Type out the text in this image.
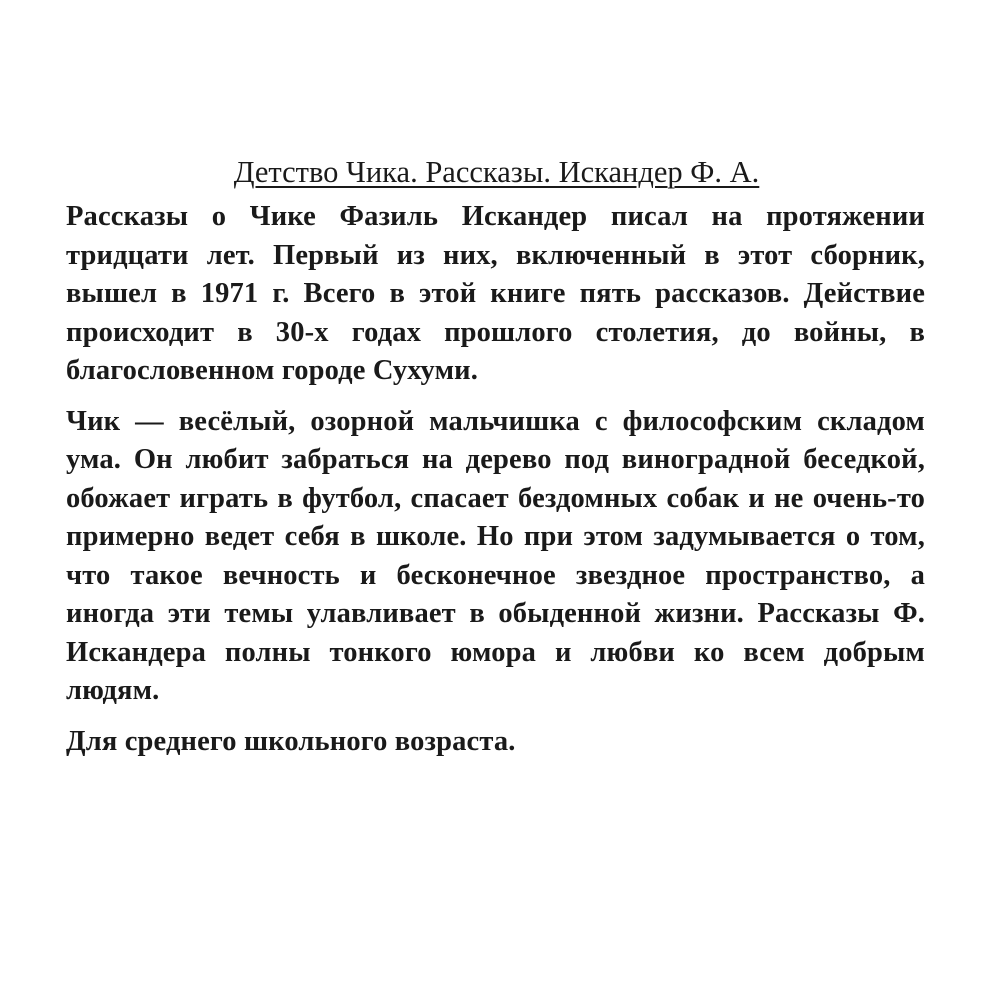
Детство Чика. Рассказы. Искандер Ф. А.

Рассказы о Чике Фазиль Искандер писал на протяжении тридцати лет. Первый из них, включенный в этот сборник, вышел в 1971 г. Всего в этой книге пять рассказов. Действие происходит в 30-х годах прошлого столетия, до войны, в благословенном городе Сухуми.

Чик — весёлый, озорной мальчишка с философским складом ума. Он любит забраться на дерево под виноградной беседкой, обожает играть в футбол, спасает бездомных собак и не очень-то примерно ведет себя в школе. Но при этом задумывается о том, что такое вечность и бесконечное звездное пространство, а иногда эти темы улавливает в обыденной жизни. Рассказы Ф. Искандера полны тонкого юмора и любви ко всем добрым людям.

Для среднего школьного возраста.
